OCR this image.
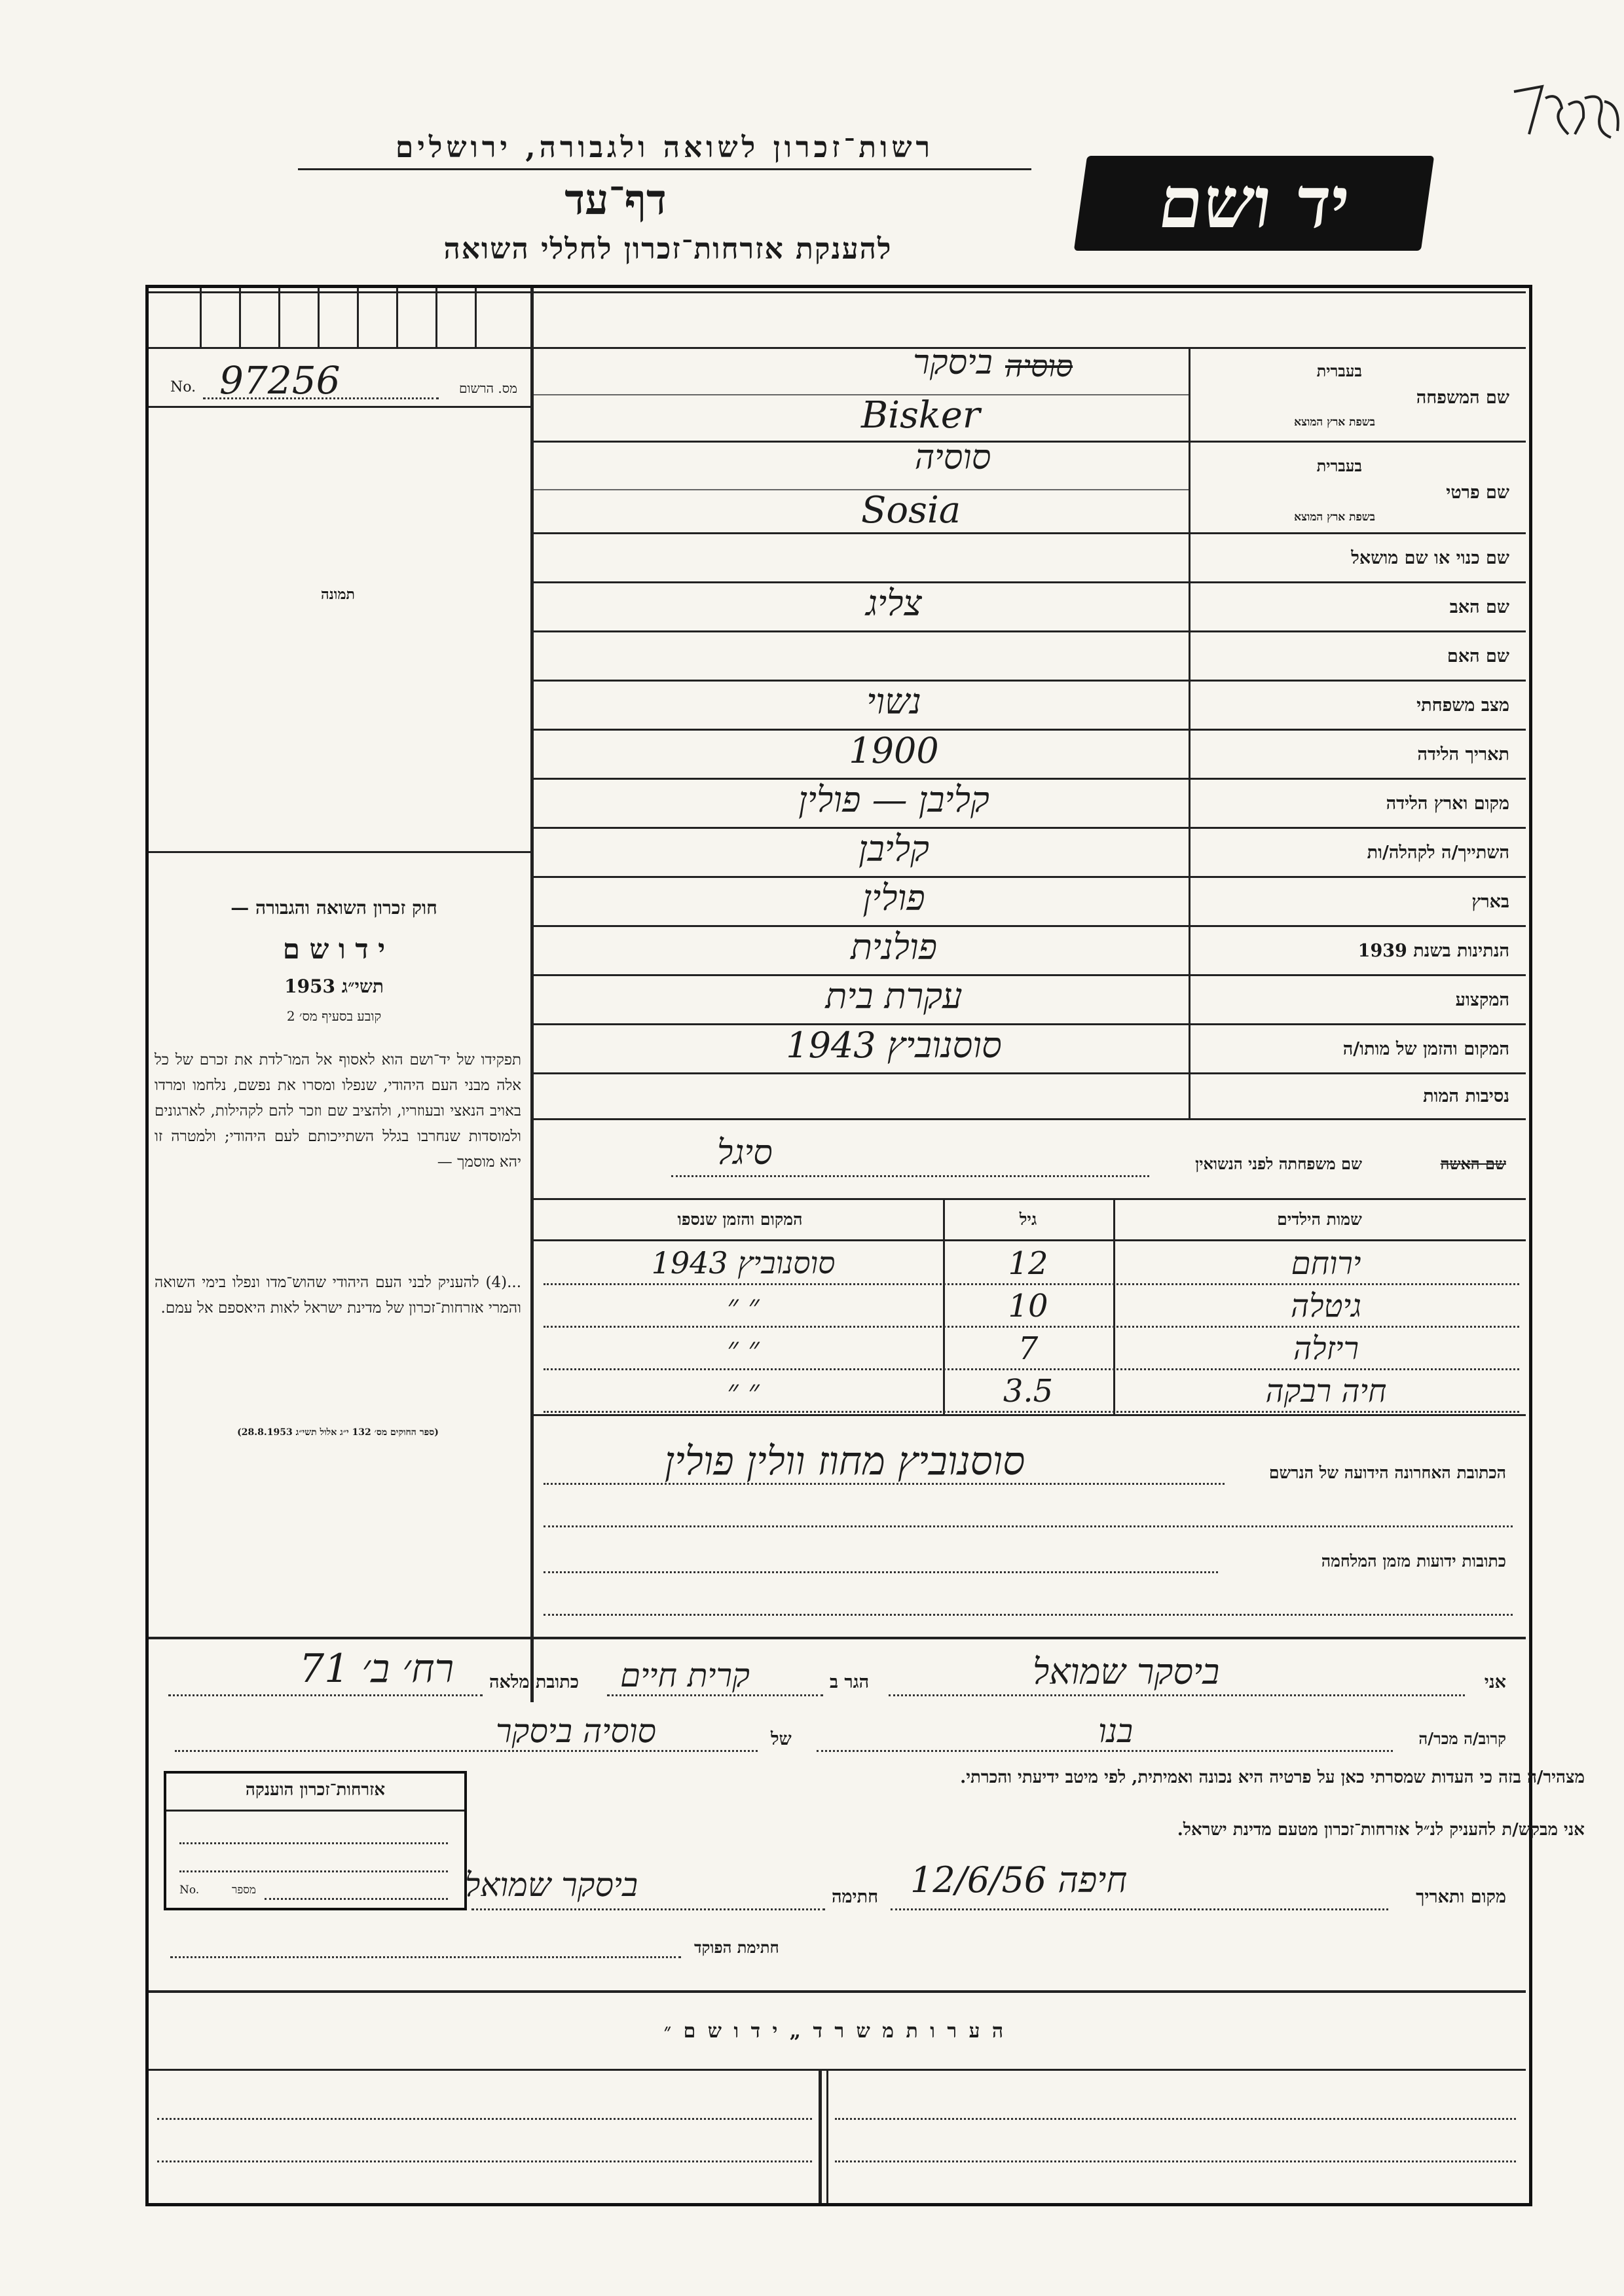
רשות־זכרון לשואה ולגבורה, ירושלים
דף־עד
להענקת אזרחות־זכרון לחללי השואה
יד ושם
No. 97256	מס. הרשום
תמונה
חוק זכרון השואה והגבורה —
י ד ו ש ם
תשי״ג 1953
קובע בסעיף מס׳ 2
תפקידו של יד־ושם הוא לאסוף אל המו־לדת את זכרם של כל אלה מבני העם היהודי, שנפלו ומסרו את נפשם, נלחמו ומרדו באויב הנאצי ובעוזריו, ולהציב שם וזכר להם לקהילות, לארגונים ולמוסדות שנחרבו בגלל השתייכותם לעם היהודי; ולמטרה זו יהא מוסמך —
...(4) להעניק לבני העם היהודי שהוש־מדו ונפלו בימי השואה והמרי אזרחות־זכרון של מדינת ישראל לאות היאספם אל עמם.
(ספר החוקים מס׳ 132 י״ג אלול תשי״ג 28.8.1953)
שם המשפחה
בעברית
בשפת ארץ המוצא
ביסקר סוסיה
Bisker
שם פרטי
בעברית
בשפת ארץ המוצא
סוסיה
Sosia
שם כנוי או שם מושאל
שם האב
צליג
שם האם
מצב משפחתי
נשוי
תאריך הלידה
1900
מקום וארץ הלידה
קליבן — פולין
השתייך/ה לקהלה/ות
קליבן
בארץ
פולין
הנתינות בשנת 1939
פולנית
המקצוע
עקרת בית
המקום והזמן של מותו/ה
סוסנוביץ 1943
נסיבות המות
שם האשה
שם משפחתה לפני הנשואין
סיגל
שמות הילדים
גיל
המקום והזמן שנספו
ירוחם
12
סוסנוביץ 1943
גיטלה
10
״ ״
ריזלה
7
״ ״
חיה רבקה
3.5
״ ״
הכתובת האחרונה הידועה של הנרשם
סוסנוביץ מחוז וולין פולין
כתובות ידועות מזמן המלחמה
אני
ביסקר שמואל
הגר ב
קרית חיים
כתובת מלאה
רח׳ ב׳ 71
קרוב/ה מכר/ה
בנו
של
סוסיה ביסקר
מצהיר/ה בזה כי העדות שמסרתי כאן על פרטיה היא נכונה ואמיתית, לפי מיטב ידיעתי והכרתי.
אני מבקש/ת להעניק לנ״ל אזרחות־זכרון מטעם מדינת ישראל.
מקום ותאריך
חיפה 12/6/56
חתימה
ביסקר שמואל
חתימת הפוקד
אזרחות־זכרון הוענקה
No.	מספר
ה ע ר ו ת מ ש ר ד „ י ד ו ש ם ״
